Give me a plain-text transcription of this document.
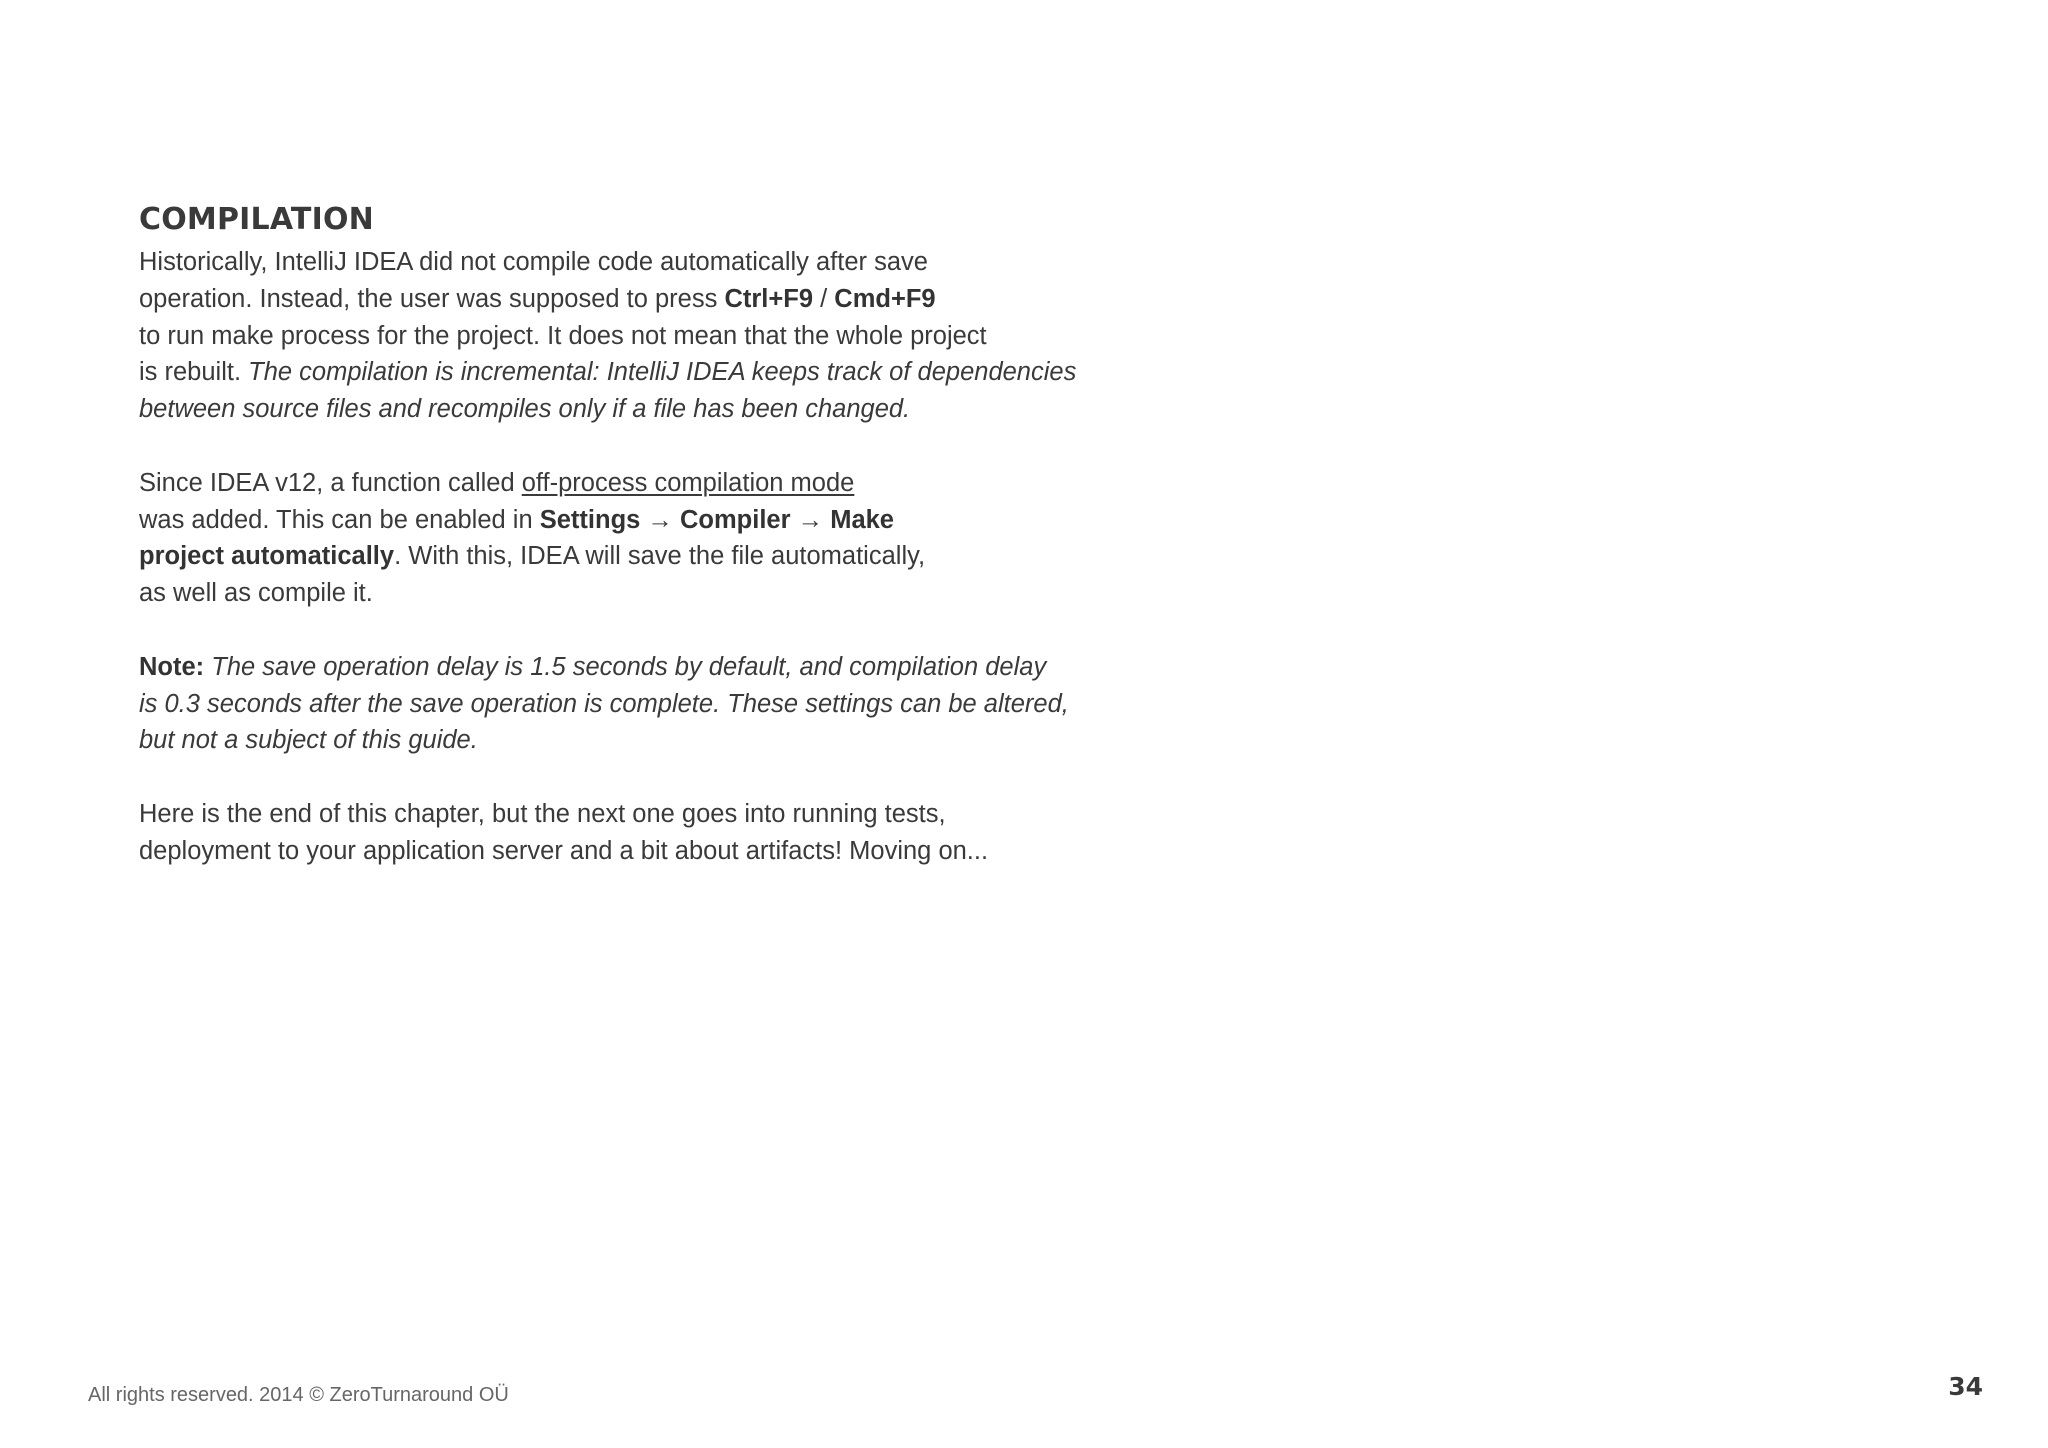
COMPILATION

Historically, IntelliJ IDEA did not compile code automatically after save
operation. Instead, the user was supposed to press Ctrl+F9 / Cmd+F9
to run make process for the project. It does not mean that the whole project
is rebuilt. The compilation is incremental: IntelliJ IDEA keeps track of dependencies
between source files and recompiles only if a file has been changed.

Since IDEA v12, a function called off-process compilation mode
was added. This can be enabled in Settings → Compiler → Make
project automatically. With this, IDEA will save the file automatically,
as well as compile it.

Note: The save operation delay is 1.5 seconds by default, and compilation delay
is 0.3 seconds after the save operation is complete. These settings can be altered,
but not a subject of this guide.

Here is the end of this chapter, but the next one goes into running tests,
deployment to your application server and a bit about artifacts! Moving on...

All rights reserved. 2014 © ZeroTurnaround OÜ	34
